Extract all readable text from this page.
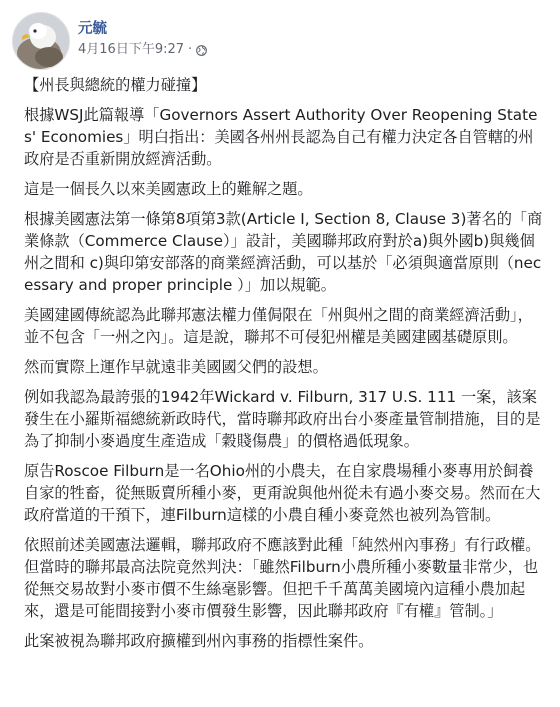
元毓
4月16日下午9:27 ·

【州長與總統的權力碰撞】

根據WSJ此篇報導「Governors Assert Authority Over Reopening States' Economies」明白指出：美國各州州長認為自己有權力決定各自管轄的州政府是否重新開放經濟活動。

這是一個長久以來美國憲政上的難解之題。

根據美國憲法第一條第8項第3款(Article I, Section 8, Clause 3)著名的「商業條款（Commerce Clause）」設計，美國聯邦政府對於a)與外國b)與幾個州之間和 c)與印第安部落的商業經濟活動，可以基於「必須與適當原則（necessary and proper principle ）」加以規範。

美國建國傳統認為此聯邦憲法權力僅侷限在「州與州之間的商業經濟活動」，並不包含「一州之內」。這是說，聯邦不可侵犯州權是美國建國基礎原則。

然而實際上運作早就遠非美國國父們的設想。

例如我認為最誇張的1942年Wickard v. Filburn, 317 U.S. 111 一案，該案發生在小羅斯福總統新政時代，當時聯邦政府出台小麥產量管制措施，目的是為了抑制小麥過度生產造成「穀賤傷農」的價格過低現象。

原告Roscoe Filburn是一名Ohio州的小農夫，在自家農場種小麥專用於飼養自家的牲畜，從無販賣所種小麥，更甭說與他州從未有過小麥交易。然而在大政府當道的干預下，連Filburn這樣的小農自種小麥竟然也被列為管制。

依照前述美國憲法邏輯，聯邦政府不應該對此種「純然州內事務」有行政權。但當時的聯邦最高法院竟然判決：「雖然Filburn小農所種小麥數量非常少，也從無交易故對小麥市價不生絲毫影響。但把千千萬萬美國境內這種小農加起來，還是可能間接對小麥市價發生影響，因此聯邦政府『有權』管制。」

此案被視為聯邦政府擴權到州內事務的指標性案件。
